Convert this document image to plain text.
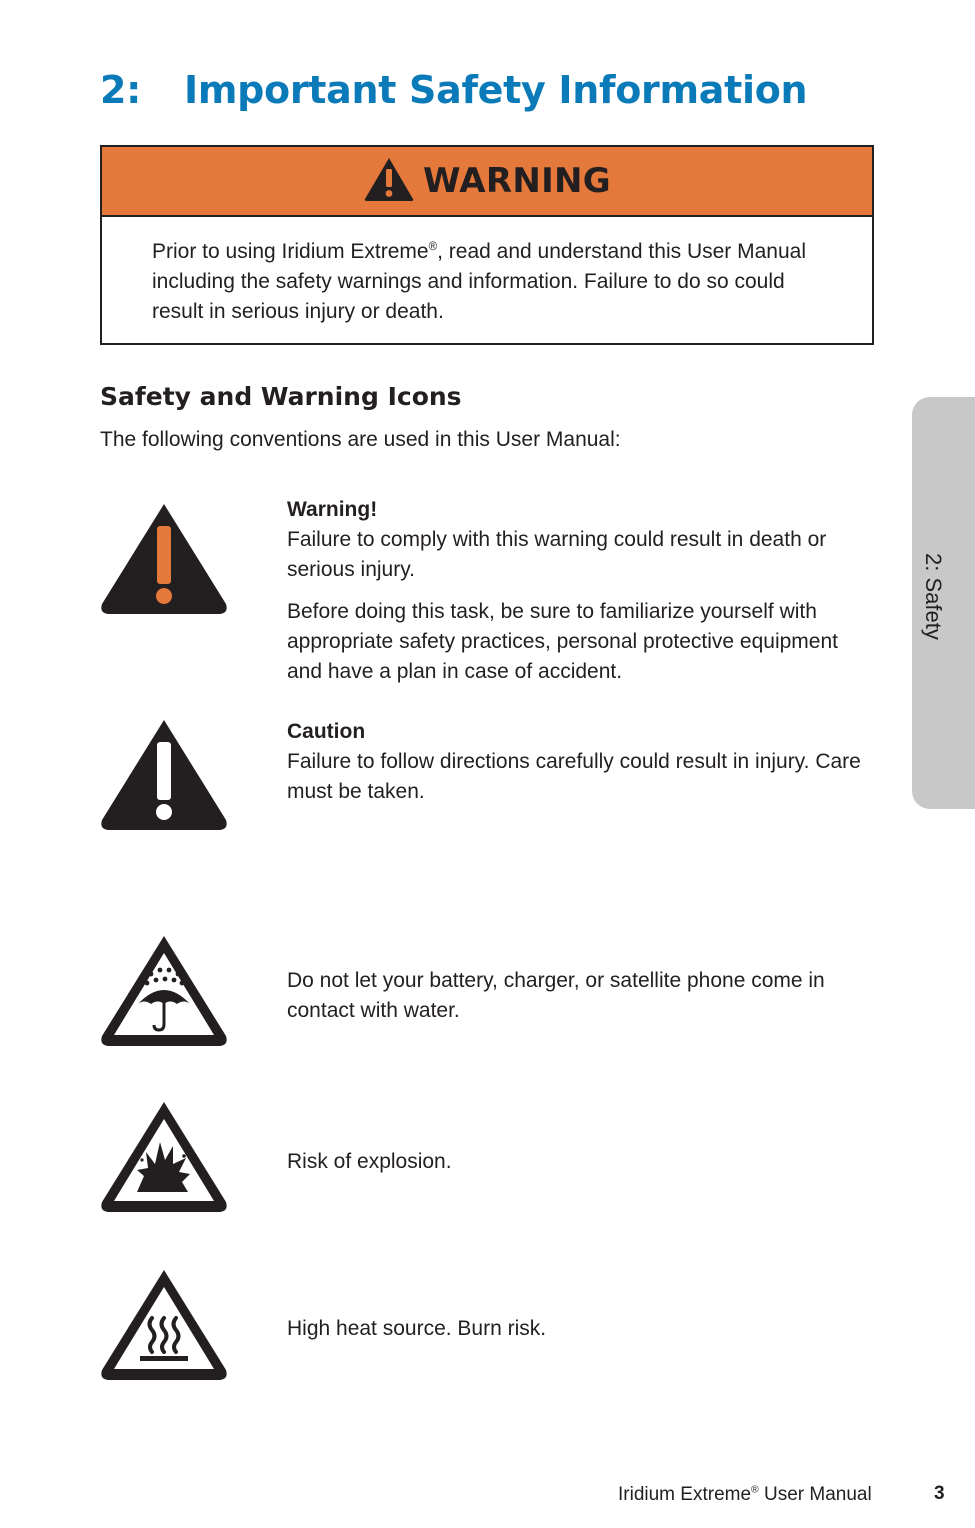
2: Important Safety Information
WARNING

Prior to using Iridium Extreme®, read and understand this User Manual including the safety warnings and information. Failure to do so could result in serious injury or death.

Safety and Warning Icons

The following conventions are used in this User Manual:

Warning!

Failure to comply with this warning could result in death or serious injury.

Before doing this task, be sure to familiarize yourself with appropriate safety practices, personal protective equipment and have a plan in case of accident.

Caution

Failure to follow directions carefully could result in injury. Care must be taken.

Do not let your battery, charger, or satellite phone come in contact with water.

Risk of explosion.

High heat source. Burn risk.

2: Safety
Iridium Extreme® User Manual	3
